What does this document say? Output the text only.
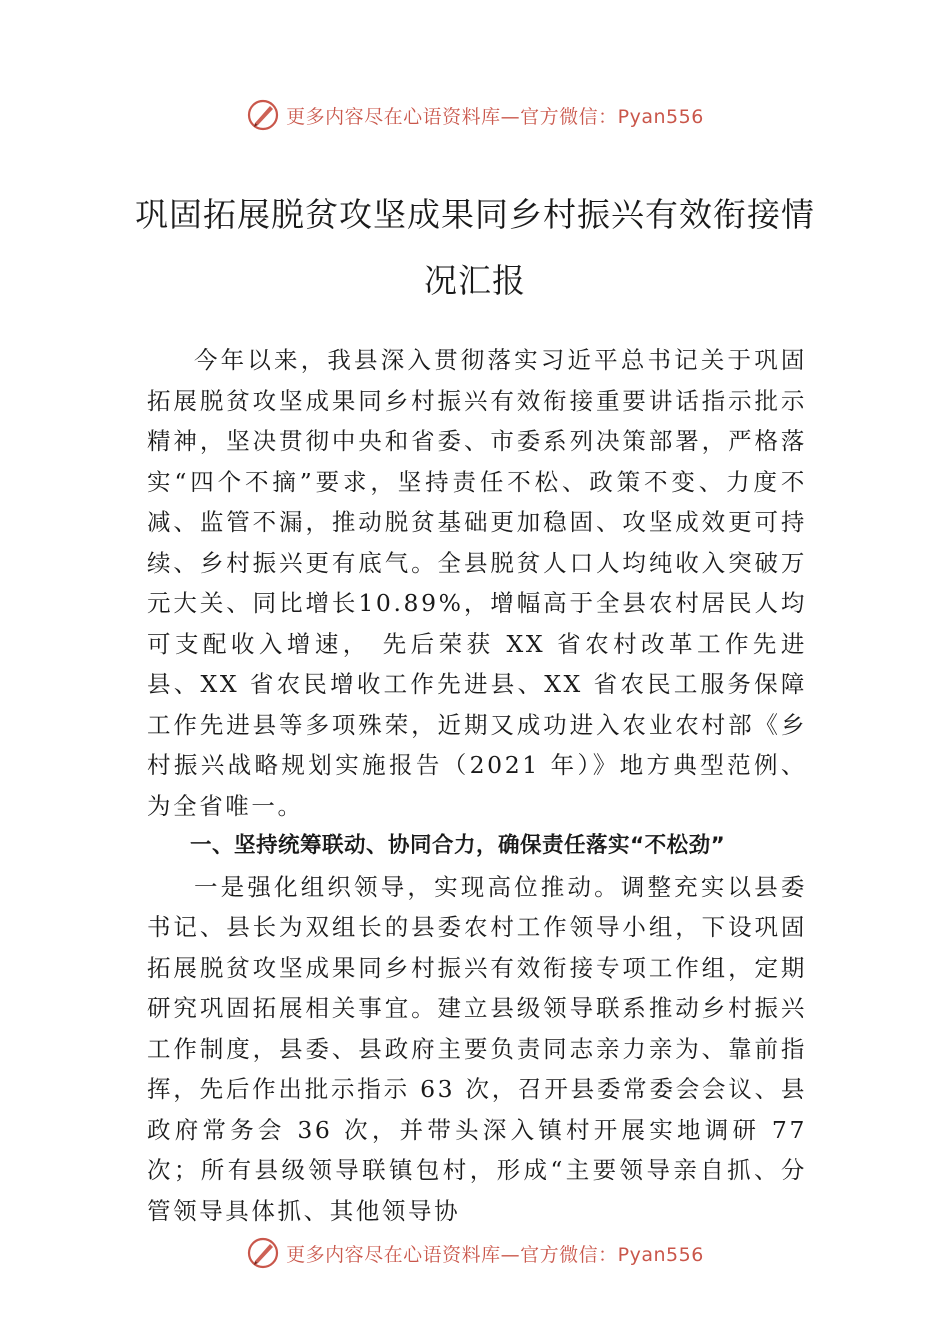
更多内容尽在心语资料库—官方微信：Pyan556
巩固拓展脱贫攻坚成果同乡村振兴有效衔接情况汇报

今年以来，我县深入贯彻落实习近平总书记关于巩固拓展脱贫攻坚成果同乡村振兴有效衔接重要讲话指示批示精神，坚决贯彻中央和省委、市委系列决策部署，严格落实“四个不摘”要求，坚持责任不松、政策不变、力度不减、监管不漏，推动脱贫基础更加稳固、攻坚成效更可持续、乡村振兴更有底气。全县脱贫人口人均纯收入突破万元大关、同比增长10.89%，增幅高于全县农村居民人均可支配收入增速， 先后荣获 XX 省农村改革工作先进县、XX 省农民增收工作先进县、XX 省农民工服务保障工作先进县等多项殊荣，近期又成功进入农业农村部《乡村振兴战略规划实施报告（2021 年）》地方典型范例、为全省唯一。

一、坚持统筹联动、协同合力，确保责任落实“不松劲”

一是强化组织领导，实现高位推动。调整充实以县委书记、县长为双组长的县委农村工作领导小组，下设巩固拓展脱贫攻坚成果同乡村振兴有效衔接专项工作组，定期研究巩固拓展相关事宜。建立县级领导联系推动乡村振兴工作制度，县委、县政府主要负责同志亲力亲为、靠前指挥，先后作出批示指示 63 次，召开县委常委会会议、县政府常务会 36 次，并带头深入镇村开展实地调研 77 次；所有县级领导联镇包村，形成“主要领导亲自抓、分管领导具体抓、其他领导协

更多内容尽在心语资料库—官方微信：Pyan556
